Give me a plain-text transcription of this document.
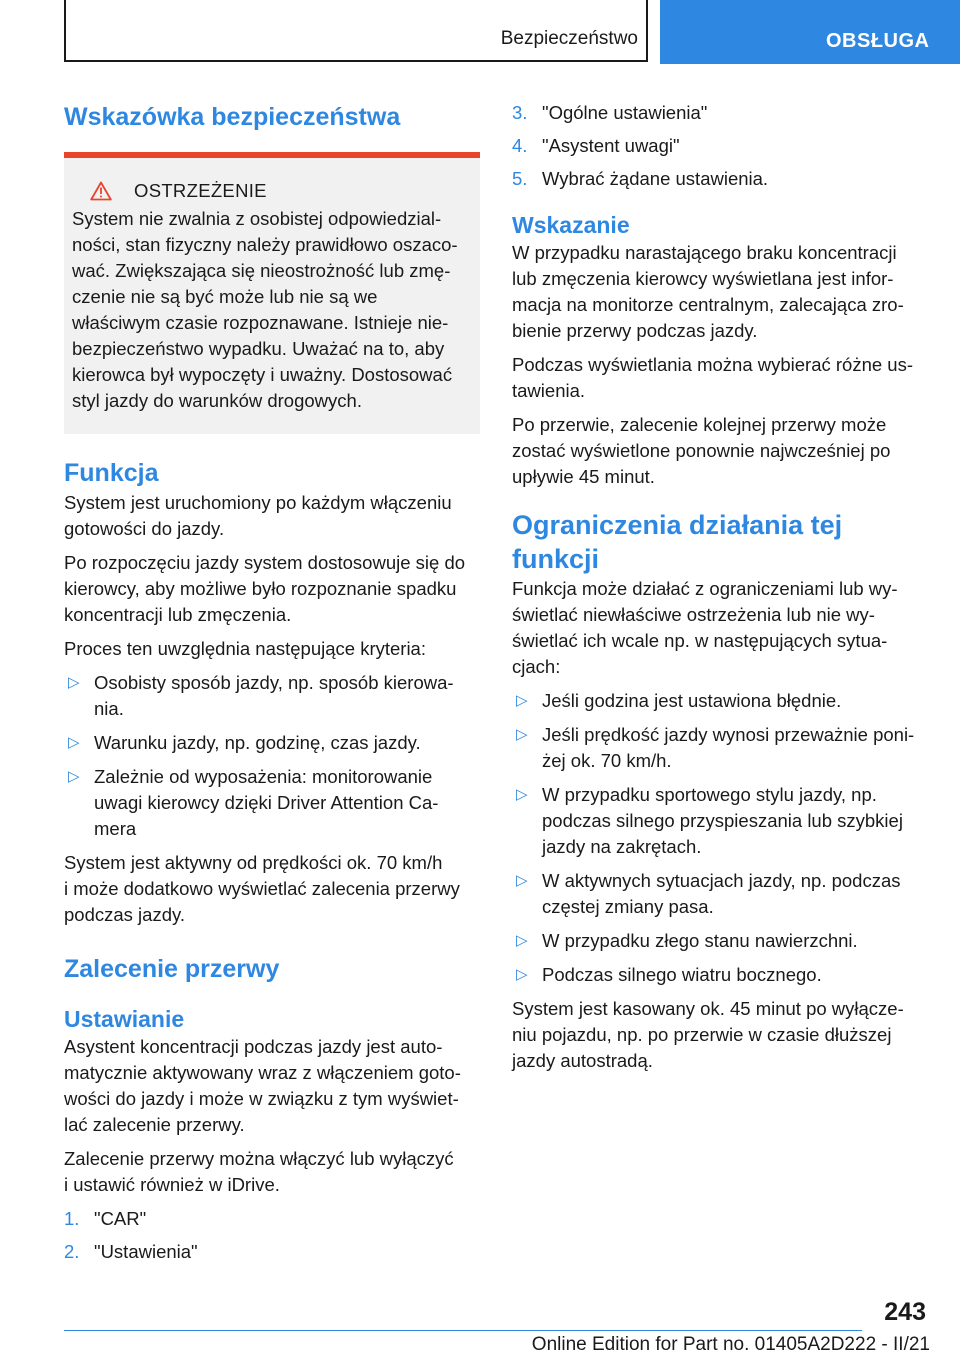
Bezpieczeństwo	OBSŁUGA
Wskazówka bezpieczeństwa
OSTRZEŻENIE

System nie zwalnia z osobistej odpowiedzial-
ności, stan fizyczny należy prawidłowo oszaco-
wać. Zwiększająca się nieostrożność lub zmę-
czenie nie są być może lub nie są we
właściwym czasie rozpoznawane. Istnieje nie-
bezpieczeństwo wypadku. Uważać na to, aby
kierowca był wypoczęty i uważny. Dostosować
styl jazdy do warunków drogowych.

Funkcja

System jest uruchomiony po każdym włączeniu
gotowości do jazdy.

Po rozpoczęciu jazdy system dostosowuje się do
kierowcy, aby możliwe było rozpoznanie spadku
koncentracji lub zmęczenia.

Proces ten uwzględnia następujące kryteria:

▷ Osobisty sposób jazdy, np. sposób kierowa-
nia.
▷ Warunku jazdy, np. godzinę, czas jazdy.
▷ Zależnie od wyposażenia: monitorowanie
uwagi kierowcy dzięki Driver Attention Ca-
mera

System jest aktywny od prędkości ok. 70 km/h
i może dodatkowo wyświetlać zalecenia przerwy
podczas jazdy.

Zalecenie przerwy
Ustawianie

Asystent koncentracji podczas jazdy jest auto-
matycznie aktywowany wraz z włączeniem goto-
wości do jazdy i może w związku z tym wyświet-
lać zalecenie przerwy.

Zalecenie przerwy można włączyć lub wyłączyć
i ustawić również w iDrive.

1. "CAR"
2. "Ustawienia"
3. "Ogólne ustawienia"
4. "Asystent uwagi"
5. Wybrać żądane ustawienia.
Wskazanie

W przypadku narastającego braku koncentracji
lub zmęczenia kierowcy wyświetlana jest infor-
macja na monitorze centralnym, zalecająca zro-
bienie przerwy podczas jazdy.

Podczas wyświetlania można wybierać różne us-
tawienia.

Po przerwie, zalecenie kolejnej przerwy może
zostać wyświetlone ponownie najwcześniej po
upływie 45 minut.

Ograniczenia działania tej funkcji

Funkcja może działać z ograniczeniami lub wy-
świetlać niewłaściwe ostrzeżenia lub nie wy-
świetlać ich wcale np. w następujących sytua-
cjach:

▷ Jeśli godzina jest ustawiona błędnie.
▷ Jeśli prędkość jazdy wynosi przeważnie poni-
żej ok. 70 km/h.
▷ W przypadku sportowego stylu jazdy, np.
podczas silnego przyspieszania lub szybkiej
jazdy na zakrętach.
▷ W aktywnych sytuacjach jazdy, np. podczas
częstej zmiany pasa.
▷ W przypadku złego stanu nawierzchni.
▷ Podczas silnego wiatru bocznego.

System jest kasowany ok. 45 minut po wyłącze-
niu pojazdu, np. po przerwie w czasie dłuższej
jazdy autostradą.

243
Online Edition for Part no. 01405A2D222 - II/21
